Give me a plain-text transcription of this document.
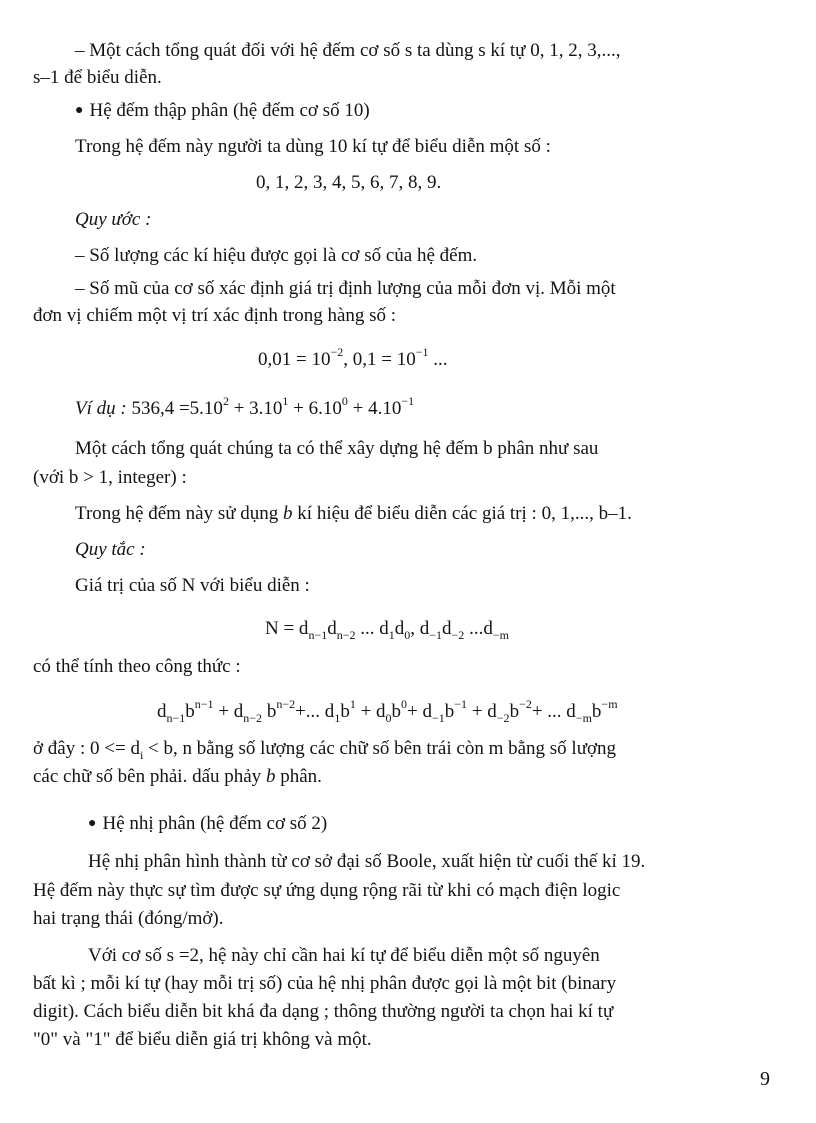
– Một cách tổng quát đối với hệ đếm cơ số s ta dùng s kí tự 0, 1, 2, 3,...,
s–1 để biểu diễn.
● Hệ đếm thập phân (hệ đếm cơ số 10)
Trong hệ đếm này người ta dùng 10 kí tự để biểu diễn một số :
0, 1, 2, 3, 4, 5, 6, 7, 8, 9.
Quy ước :
– Số lượng các kí hiệu được gọi là cơ số của hệ đếm.
– Số mũ của cơ số xác định giá trị định lượng của mỗi đơn vị. Mỗi một
đơn vị chiếm một vị trí xác định trong hàng số :
$0,01 = 10^{-2}$, $0,1 = 10^{-1}$ ...
Ví dụ : $536,4 =5.10^2 + 3.10^1 + 6.10^0 + 4.10^{-1}$
Một cách tổng quát chúng ta có thể xây dựng hệ đếm b phân như sau
(với b > 1, integer) :
Trong hệ đếm này sử dụng b kí hiệu để biểu diễn các giá trị : 0, 1,..., b–1.
Quy tắc :
Giá trị của số N với biểu diễn :
$N = d_{n-1}d_{n-2}$ ... $d_1d_0$, $d_{-1}d_{-2}$ $...d_{-m}$
có thể tính theo công thức :
$d_{n-1}b^{n-1} + d_{n-2}$ $b^{n-2}+$... $d_1b^1 + d_0b^0+ d_{-1}b^{-1} + d_{-2}b^{-2}+$ ... $d_{-m}b^{-m}$
ở đây : $0 <= d_i < b$, n bằng số lượng các chữ số bên trái còn m bằng số lượng
các chữ số bên phải. dấu phảy b phân.
● Hệ nhị phân (hệ đếm cơ số 2)
Hệ nhị phân hình thành từ cơ sở đại số Boole, xuất hiện từ cuối thế kỉ 19.
Hệ đếm này thực sự tìm được sự ứng dụng rộng rãi từ khi có mạch điện logic
hai trạng thái (đóng/mở).
Với cơ số s =2, hệ này chỉ cần hai kí tự để biểu diễn một số nguyên
bất kì ; mỗi kí tự (hay mỗi trị số) của hệ nhị phân được gọi là một bit (binary
digit). Cách biểu diễn bit khá đa dạng ; thông thường người ta chọn hai kí tự
"0" và "1" để biểu diễn giá trị không và một.
9
